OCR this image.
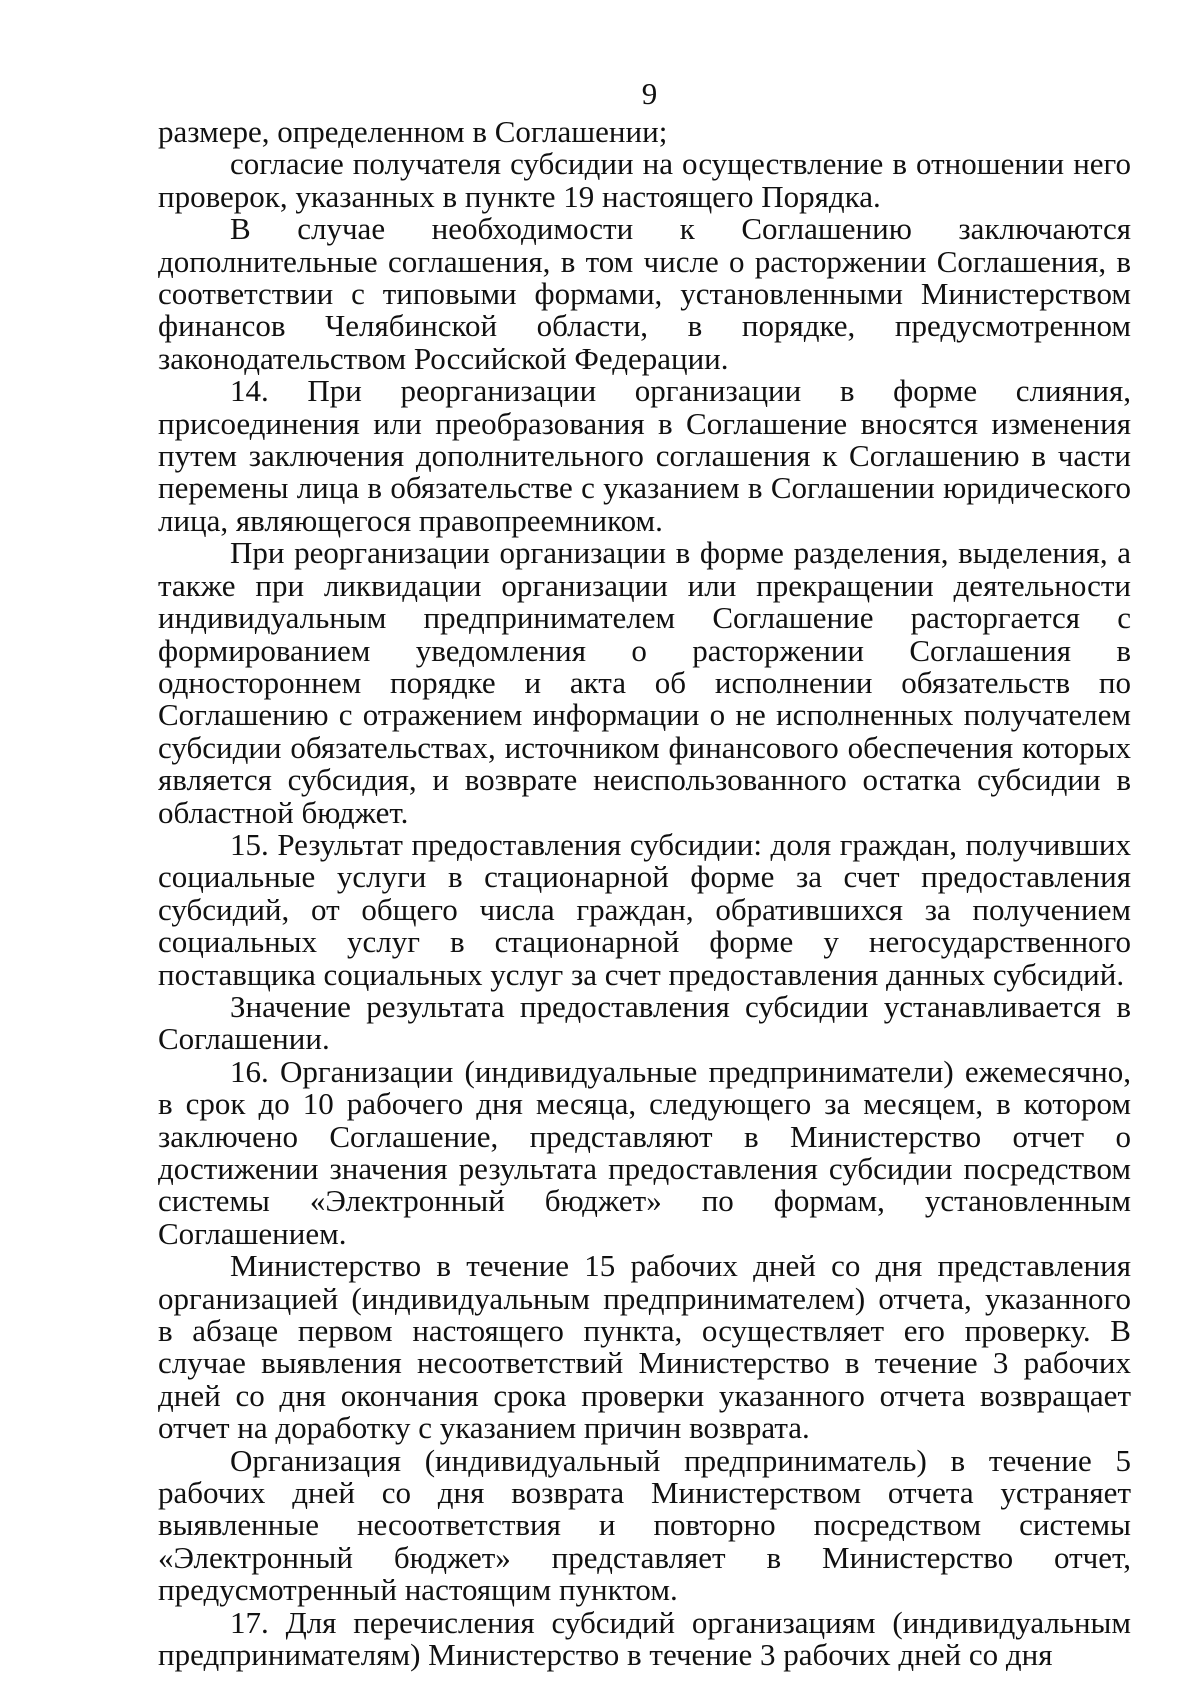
9

размере, определенном в Соглашении;

согласие получателя субсидии на осуществление в отношении него проверок, указанных в пункте 19 настоящего Порядка.

В случае необходимости к Соглашению заключаются дополнительные соглашения, в том числе о расторжении Соглашения, в соответствии с типовыми формами, установленными Министерством финансов Челябинской области, в порядке, предусмотренном законодательством Российской Федерации.

14. При реорганизации организации в форме слияния, присоединения или преобразования в Соглашение вносятся изменения путем заключения дополнительного соглашения к Соглашению в части перемены лица в обязательстве с указанием в Соглашении юридического лица, являющегося правопреемником.

При реорганизации организации в форме разделения, выделения, а также при ликвидации организации или прекращении деятельности индивидуальным предпринимателем Соглашение расторгается с формированием уведомления о расторжении Соглашения в одностороннем порядке и акта об исполнении обязательств по Соглашению с отражением информации о не исполненных получателем субсидии обязательствах, источником финансового обеспечения которых является субсидия, и возврате неиспользованного остатка субсидии в областной бюджет.

15. Результат предоставления субсидии: доля граждан, получивших социальные услуги в стационарной форме за счет предоставления субсидий, от общего числа граждан, обратившихся за получением социальных услуг в стационарной форме у негосударственного поставщика социальных услуг за счет предоставления данных субсидий.

Значение результата предоставления субсидии устанавливается в Соглашении.

16. Организации (индивидуальные предприниматели) ежемесячно, в срок до 10 рабочего дня месяца, следующего за месяцем, в котором заключено Соглашение, представляют в Министерство отчет о достижении значения результата предоставления субсидии посредством системы «Электронный бюджет» по формам, установленным Соглашением.

Министерство в течение 15 рабочих дней со дня представления организацией (индивидуальным предпринимателем) отчета, указанного в абзаце первом настоящего пункта, осуществляет его проверку. В случае выявления несоответствий Министерство в течение 3 рабочих дней со дня окончания срока проверки указанного отчета возвращает отчет на доработку с указанием причин возврата.

Организация (индивидуальный предприниматель) в течение 5 рабочих дней со дня возврата Министерством отчета устраняет выявленные несоответствия и повторно посредством системы «Электронный бюджет» представляет в Министерство отчет, предусмотренный настоящим пунктом.

17. Для перечисления субсидий организациям (индивидуальным предпринимателям) Министерство в течение 3 рабочих дней со дня
